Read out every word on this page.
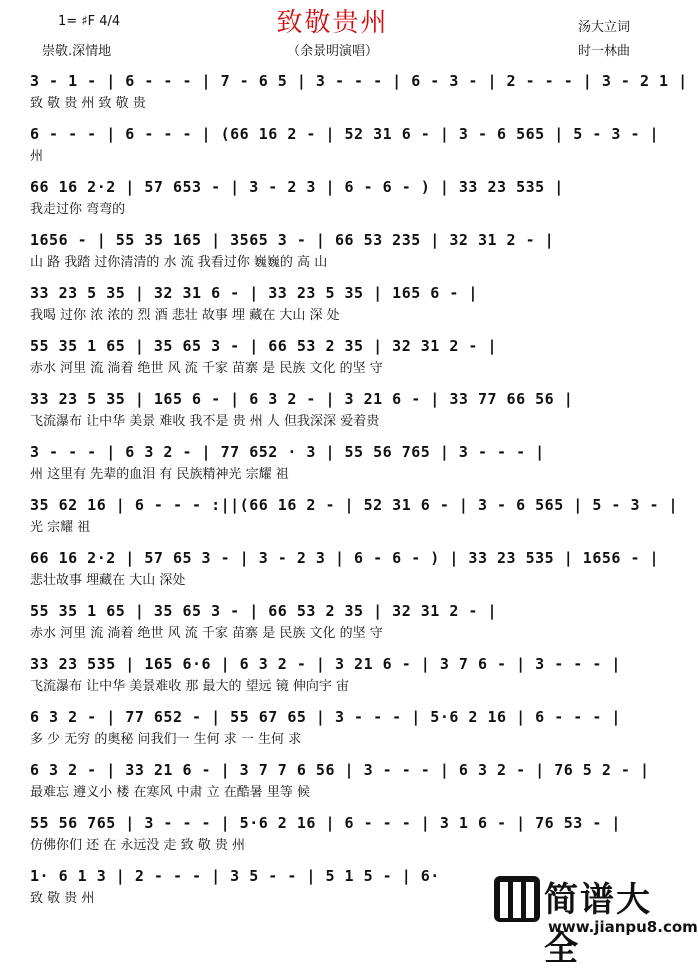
致敬贵州
1= ♯F 4/4
崇敬.深情地	（余景明演唱）
汤大立词
时一林曲
3 - 1 - | 6 - - - | 7 - 6 5 | 3 - - - | 6 - 3 - | 2 - - - | 3 - 2 1 |
致 敬 贵 州 致 敬 贵
6 - - - | 6 - - - | (66 16 2 - | 52 31 6 - | 3 - 6 565 | 5 - 3 - |
州
66 16 2·2 | 57 653 - | 3 - 2 3 | 6 - 6 - ) | 33 23 535 |
我走过你 弯弯的
1656 - | 55 35 165 | 3565 3 - | 66 53 235 | 32 31 2 - |
山 路 我踏 过你清清的 水 流 我看过你 巍巍的 高 山
33 23 5 35 | 32 31 6 - | 33 23 5 35 | 165 6 - |
我喝 过你 浓 浓的 烈 酒 悲壮 故事 埋 藏在 大山 深 处
55 35 1 65 | 35 65 3 - | 66 53 2 35 | 32 31 2 - |
赤水 河里 流 淌着 绝世 风 流 千家 苗寨 是 民族 文化 的坚 守
33 23 5 35 | 165 6 - | 6 3 2 - | 3 21 6 - | 33 77 66 56 |
飞流瀑布 让中华 美景 难收 我不是 贵 州 人 但我深深 爱着贵
3 - - - | 6 3 2 - | 77 652 · 3 | 55 56 765 | 3 - - - |
州 这里有 先辈的血泪 有 民族精神光 宗耀 祖
35 62 16 | 6 - - - :||(66 16 2 - | 52 31 6 - | 3 - 6 565 | 5 - 3 - |
光 宗耀 祖
66 16 2·2 | 57 65 3 - | 3 - 2 3 | 6 - 6 - ) | 33 23 535 | 1656 - |
悲壮故事 埋藏在 大山 深处
55 35 1 65 | 35 65 3 - | 66 53 2 35 | 32 31 2 - |
赤水 河里 流 淌着 绝世 风 流 千家 苗寨 是 民族 文化 的坚 守
33 23 535 | 165 6·6 | 6 3 2 - | 3 21 6 - | 3 7 6 - | 3 - - - |
飞流瀑布 让中华 美景难收 那 最大的 望远 镜 伸向宇 宙
6 3 2 - | 77 652 - | 55 67 65 | 3 - - - | 5·6 2 16 | 6 - - - |
多 少 无穷 的奥秘 问我们一 生何 求 一 生何 求
6 3 2 - | 33 21 6 - | 3 7 7 6 56 | 3 - - - | 6 3 2 - | 76 5 2 - |
最难忘 遵义小 楼 在寒风 中肃 立 在酷暑 里等 候
55 56 765 | 3 - - - | 5·6 2 16 | 6 - - - | 3 1 6 - | 76 53 - |
仿佛你们 还 在 永远没 走 致 敬 贵 州
1· 6 1 3 | 2 - - - | 3 5 - - | 5 1 5 - | 6·
致 敬 贵 州	简谱大全
www.jianpu8.com
